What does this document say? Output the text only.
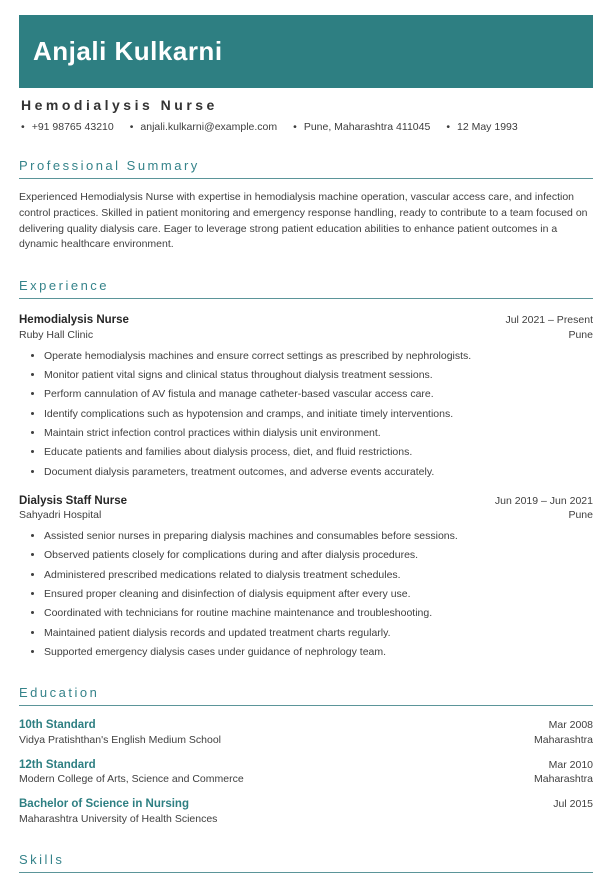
Anjali Kulkarni
Hemodialysis Nurse
• +91 98765 43210	• anjali.kulkarni@example.com	• Pune, Maharashtra 411045	• 12 May 1993
Professional Summary

Experienced Hemodialysis Nurse with expertise in hemodialysis machine operation, vascular access care, and infection control practices. Skilled in patient monitoring and emergency response handling, ready to contribute to a team focused on delivering quality dialysis care. Eager to leverage strong patient education abilities to enhance patient outcomes in a dynamic healthcare environment.

Experience
Hemodialysis Nurse	Jul 2021 – Present
Ruby Hall Clinic	Pune
• Operate hemodialysis machines and ensure correct settings as prescribed by nephrologists.
• Monitor patient vital signs and clinical status throughout dialysis treatment sessions.
• Perform cannulation of AV fistula and manage catheter-based vascular access care.
• Identify complications such as hypotension and cramps, and initiate timely interventions.
• Maintain strict infection control practices within dialysis unit environment.
• Educate patients and families about dialysis process, diet, and fluid restrictions.
• Document dialysis parameters, treatment outcomes, and adverse events accurately.
Dialysis Staff Nurse	Jun 2019 – Jun 2021
Sahyadri Hospital	Pune
• Assisted senior nurses in preparing dialysis machines and consumables before sessions.
• Observed patients closely for complications during and after dialysis procedures.
• Administered prescribed medications related to dialysis treatment schedules.
• Ensured proper cleaning and disinfection of dialysis equipment after every use.
• Coordinated with technicians for routine machine maintenance and troubleshooting.
• Maintained patient dialysis records and updated treatment charts regularly.
• Supported emergency dialysis cases under guidance of nephrology team.
Education
10th Standard	Mar 2008
Vidya Pratishthan's English Medium School	Maharashtra
12th Standard	Mar 2010
Modern College of Arts, Science and Commerce	Maharashtra
Bachelor of Science in Nursing	Jul 2015
Maharashtra University of Health Sciences
Skills
